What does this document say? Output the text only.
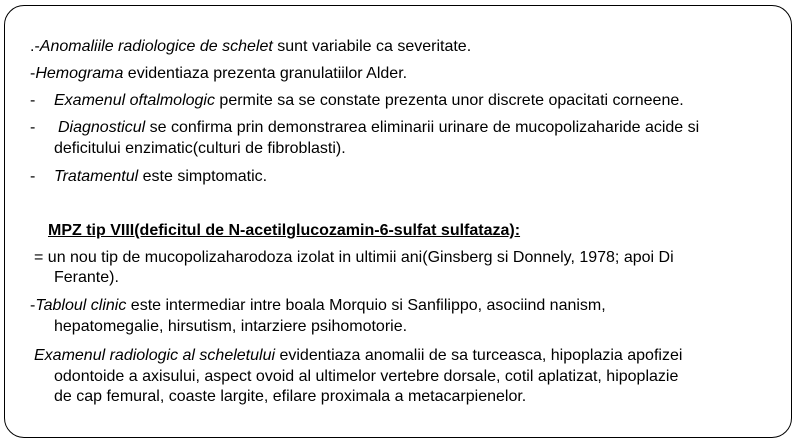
.-Anomaliile radiologice de schelet sunt variabile ca severitate.
-Hemograma evidentiaza prezenta granulatiilor Alder.
- Examenul oftalmologic permite sa se constate prezenta unor discrete opacitati corneene.
- Diagnosticul se confirma prin demonstrarea eliminarii urinare de mucopolizaharide acide si
deficitului enzimatic(culturi de fibroblasti).
- Tratamentul este simptomatic.
MPZ tip VIII(deficitul de N-acetilglucozamin-6-sulfat sulfataza):
= un nou tip de mucopolizaharodoza izolat in ultimii ani(Ginsberg si Donnely, 1978; apoi Di
Ferante).
-Tabloul clinic este intermediar intre boala Morquio si Sanfilippo, asociind nanism,
hepatomegalie, hirsutism, intarziere psihomotorie.
Examenul radiologic al scheletului evidentiaza anomalii de sa turceasca, hipoplazia apofizei
odontoide a axisului, aspect ovoid al ultimelor vertebre dorsale, cotil aplatizat, hipoplazie
de cap femural, coaste largite, efilare proximala a metacarpienelor.
